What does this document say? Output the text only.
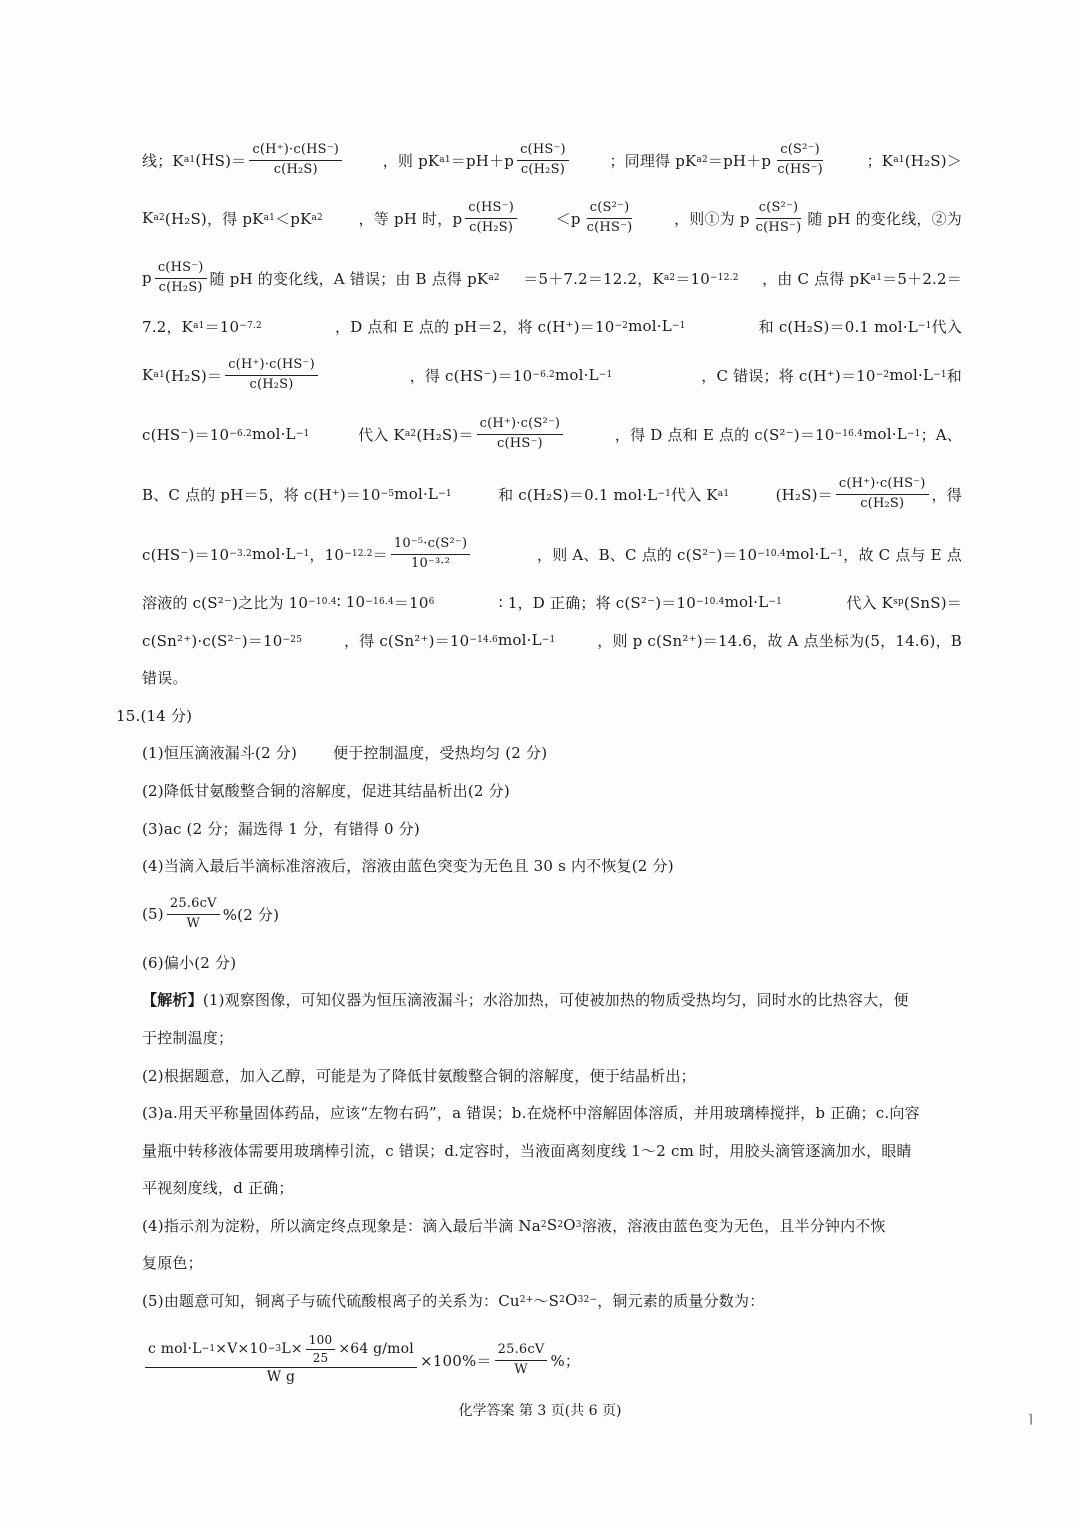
线；K a1 (H $S)= \frac{c(H^+)\cdot c(HS^-)}{\text{c(H₂S)}}$	，则 pK $a1 =pH+p \frac{c(HS^-)}{\text{c(H₂S)}}$	；同理得 pK $a2 =pH+p \frac{\text{c(S²⁻)}}{c(HS^-)}$	；K a1 (H₂S)＞
K a2 (H₂S)，得 pK a1 ＜pK a2 ，等 pH 时，p $\frac{c(HS^-)}{\text{c(H₂S)}}$	$<p \frac{\text{c(S²⁻)}}{c(HS^-)}$	，则①为 p $\frac{\text{c(S²⁻)}}{c(HS^-)}$ 随 pH 的变化线，②为
p $\frac{c(HS^-)}{\text{c(H₂S)}}$ 随 pH 的变化线，A 错误；由 B 点得 pK a2 ＝5＋7.2＝12.2，K a2 ＝10 −12.2 ，由 C 点得 pK a1 ＝5＋2.2＝
7.2，K a1 ＝10 −7.2	，D 点和 E 点的 pH＝2，将 c(H⁺)＝10 −2 mol·L −1	和 c(H₂S)＝0.1 mol·L −1 代入
K a1 $(H_2S)= \frac{c(H^+)\cdot c(HS^-)}{\text{c(H₂S)}}$	，得 c(HS⁻)＝10 −6.2 mol·L −1	，C 错误；将 c(H⁺)＝10 −2 mol·L −1 和
c(HS⁻)＝10 −6.2 mol·L −1	代入 K a2 $(H_2S)= \frac{\text{c(H⁺)·c(S²⁻)}}{c(HS^-)}$	，得 D 点和 E 点的 c(S²⁻)＝10 −16.4 mol·L −1 ；A、
B、C 点的 pH＝5，将 c(H⁺)＝10 −5 mol·L −1	和 c(H₂S)＝0.1 mol·L −1 代入 K a1	$(H_2S)= \frac{c(H^+)\cdot c(HS^-)}{\text{c(H₂S)}}$ ，得
c(HS⁻)＝10 −3.2 mol·L −1 ，$10 -12.2 = \frac{\text{10⁻⁵·c(S²⁻)}}{\text{10⁻³·²}}$	，则 A、B、C 点的 c(S²⁻)＝10 −10.4 mol·L −1 ，故 C 点与 E 点
溶液的 c(S²⁻)之比为 10 −10.4 ∶ 10 −16.4 ＝10 6	∶ 1，D 正确；将 c(S²⁻)＝10 −10.4 mol·L −1	代入 K sp (SnS)＝
c(Sn²⁺)·c(S²⁻)＝10 −25	，得 c(Sn²⁺)＝10 −14.6 mol·L −1	，则 p c(Sn²⁺)＝14.6，故 A 点坐标为(5，14.6)，B
错误。
15.(14 分)
(1)恒压滴液漏斗(2 分) 便于控制温度，受热均匀 (2 分)
(2)降低甘氨酸整合铜的溶解度，促进其结晶析出(2 分)
(3)ac (2 分；漏选得 1 分，有错得 0 分)
(4)当滴入最后半滴标准溶液后，溶液由蓝色突变为无色且 30 s 内不恢复(2 分)
$(5) \frac{25.6cV}{W} \%(2$ 分)
(6)偏小(2 分)
【解析】 (1)观察图像，可知仪器为恒压滴液漏斗；水浴加热，可使被加热的物质受热均匀，同时水的比热容大，便
于控制温度；
(2)根据题意，加入乙醇，可能是为了降低甘氨酸整合铜的溶解度，便于结晶析出；
(3)a.用天平称量固体药品，应该“左物右码”，a 错误；b.在烧杯中溶解固体溶质，并用玻璃棒搅拌，b 正确；c.向容
量瓶中转移液体需要用玻璃棒引流，c 错误；d.定容时，当液面离刻度线 1～2 cm 时，用胶头滴管逐滴加水，眼睛
平视刻度线，d 正确；
(4)指示剂为淀粉，所以滴定终点现象是：滴入最后半滴 Na 2 S 2 O 3 溶液，溶液由蓝色变为无色，且半分钟内不恢
复原色；
(5)由题意可知，铜离子与硫代硫酸根离子的关系为：Cu 2+ ～S 2 O 3 2− ，铜元素的质量分数为：
$\frac{c mol\cdot L -1 \times V\times 10 -3 L\times \frac{100}{25} \times 64 g/mol}{\text{W g}} \times 100\%= \frac{25.6cV}{W}$ %；
化学答案 第 3 页(共 6 页)	⌉
